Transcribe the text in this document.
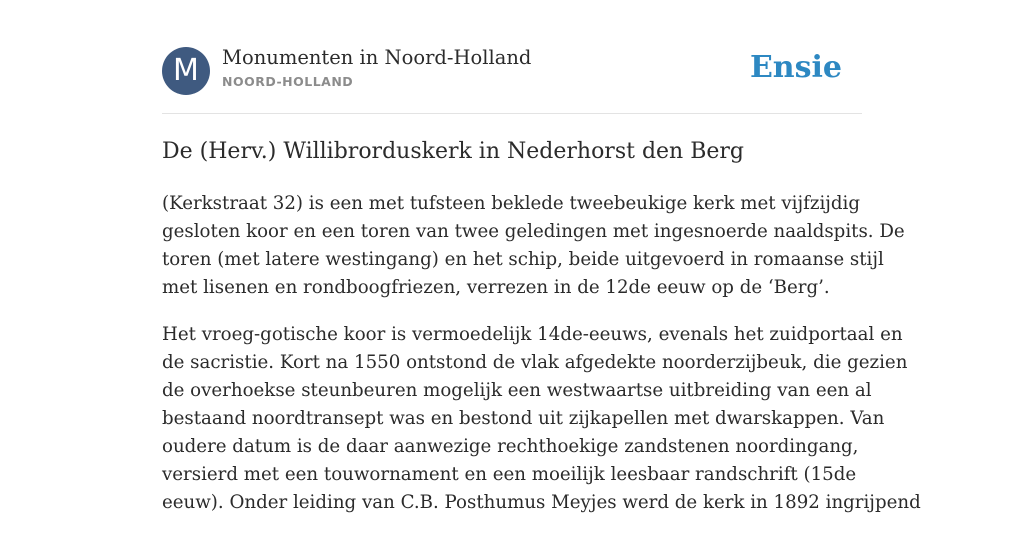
M	Monumenten in Noord-Holland
NOORD-HOLLAND	Ensie
De (Herv.) Willibrorduskerk in Nederhorst den Berg

(Kerkstraat 32) is een met tufsteen beklede tweebeukige kerk met vijfzijdig
gesloten koor en een toren van twee geledingen met ingesnoerde naaldspits. De
toren (met latere westingang) en het schip, beide uitgevoerd in romaanse stijl
met lisenen en rondboogfriezen, verrezen in de 12de eeuw op de ‘Berg’.

Het vroeg-gotische koor is vermoedelijk 14de-eeuws, evenals het zuidportaal en
de sacristie. Kort na 1550 ontstond de vlak afgedekte noorderzijbeuk, die gezien
de overhoekse steunbeuren mogelijk een westwaartse uitbreiding van een al
bestaand noordtransept was en bestond uit zijkapellen met dwarskappen. Van
oudere datum is de daar aanwezige rechthoekige zandstenen noordingang,
versierd met een touwornament en een moeilijk leesbaar randschrift (15de
eeuw). Onder leiding van C.B. Posthumus Meyjes werd de kerk in 1892 ingrijpend
